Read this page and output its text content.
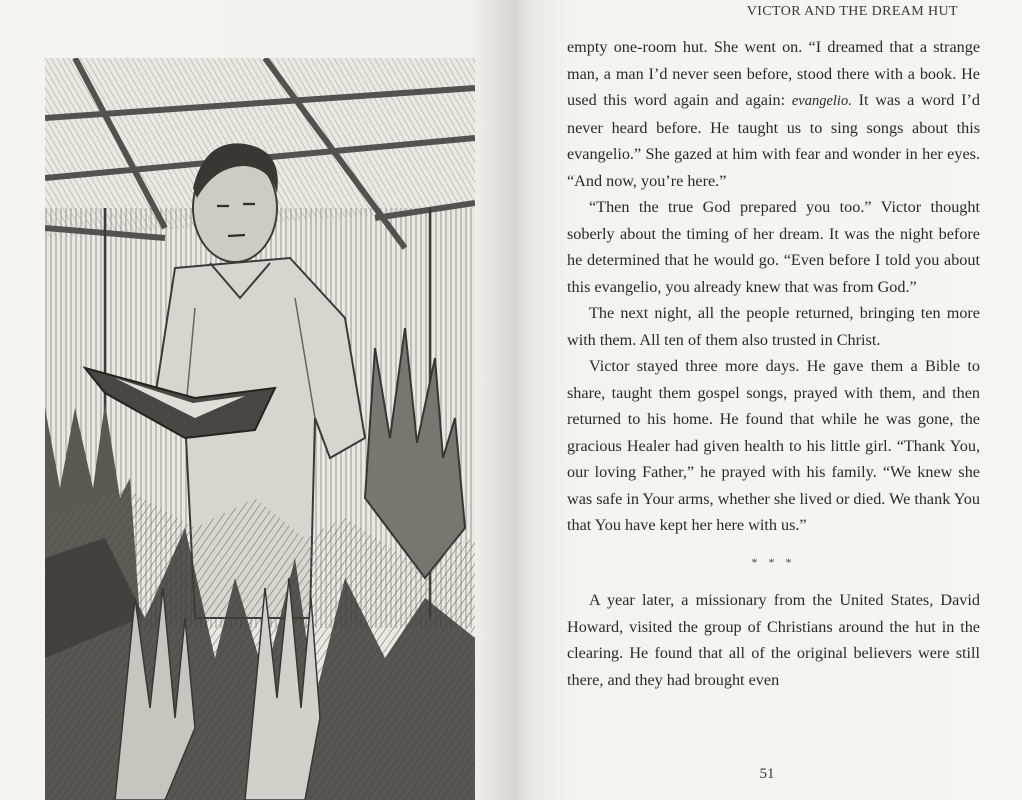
VICTOR AND THE DREAM HUT

empty one-room hut. She went on. “I dreamed that a strange man, a man I’d never seen before, stood there with a book. He used this word again and again: evangelio. It was a word I’d never heard before. He taught us to sing songs about this evangelio.” She gazed at him with fear and wonder in her eyes. “And now, you’re here.”

“Then the true God prepared you too.” Victor thought soberly about the timing of her dream. It was the night before he determined that he would go. “Even before I told you about this evangelio, you already knew that was from God.”

The next night, all the people returned, bringing ten more with them. All ten of them also trusted in Christ.

Victor stayed three more days. He gave them a Bible to share, taught them gospel songs, prayed with them, and then returned to his home. He found that while he was gone, the gracious Healer had given health to his little girl. “Thank You, our loving Father,” he prayed with his family. “We knew she was safe in Your arms, whether she lived or died. We thank You that You have kept her here with us.”

* * *

A year later, a missionary from the United States, David Howard, visited the group of Christians around the hut in the clearing. He found that all of the original believers were still there, and they had brought even

51
